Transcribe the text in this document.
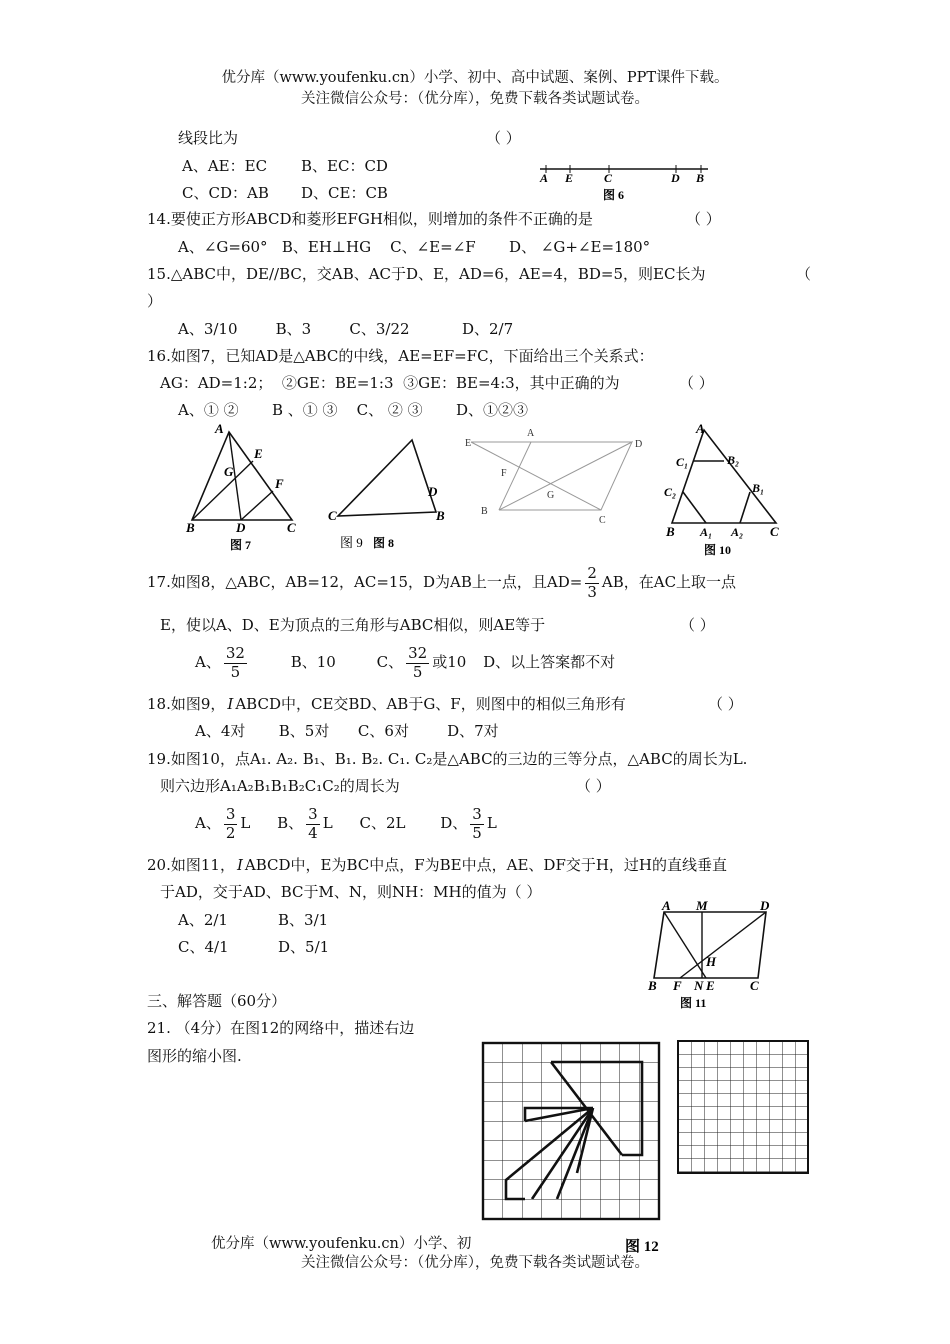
优分库（www.youfenku.cn）小学、初中、高中试题、案例、PPT课件下载。
关注微信公众号：（优分库），免费下载各类试题试卷。
线段比为	（ ）
A、AE：EC B、EC：CD
C、CD：AB D、CE：CB
A E	C	D B
图 6
14.要使正方形ABCD和菱形EFGH相似，则增加的条件不正确的是	（ ）
A、∠G=60°   B、EH⊥HG    C、∠E=∠F       D、 ∠G+∠E=180°
15.△ABC中，DE//BC，交AB、AC于D、E，AD=6，AE=4，BD=5，则EC长为	（
）
A、3/10        B、3        C、3/22           D、2/7
16.如图7，已知AD是△ABC的中线，AE=EF=FC，下面给出三个关系式：
AG：AD=1:2；  ②GE：BE=1:3  ③GE：BE=4:3，其中正确的为	（ ）
A、① ②       B 、① ③    C、 ② ③       D、①②③
A
E
G
F
B	D	C
图 7
C
D
B
图 9 图 8
A
D
E
F
G
B
C
A
C₁	B₂
C₂	B₁
B A₁ A₂ C
图 10
17.如图8，△ABC，AB=12，AC=15，D为AB上一点，且$AD= \frac{2}{3}$ AB，在AC上取一点
E，使以A、D、E为顶点的三角形与ABC相似，则AE等于	（ ）
A、 $\frac{32}{5}$	B、10	C、 $\frac{32}{5}$ 或10 D、以上答案都不对
18.如图9， I ABCD中，CE交BD、AB于G、F，则图中的相似三角形有	（ ）
A、4对       B、5对      C、6对        D、7对
19.如图10，点A₁. A₂. B₁、B₁. B₂. C₁. C₂是△ABC的三边的三等分点，△ABC的周长为L.
则六边形A₁A₂B₁B₁B₂C₁C₂的周长为	（ ）
A、 $\frac{3}{2}$ L B、 $\frac{3}{4}$ L C、2L D、 $\frac{3}{5}$ L
20.如图11， I ABCD中，E为BC中点，F为BE中点，AE、DF交于H，过H的直线垂直
于AD，交于AD、BC于M、N，则NH：MH的值为（ ）
A、2/1	B、3/1
C、4/1	D、5/1
A M	D
H
B F N E	C
图 11
三、解答题（60分）
21. （4分）在图12的网络中，描述右边
图形的缩小图.
图 12
优分库（www.youfenku.cn）小学、初
关注微信公众号：（优分库），免费下载各类试题试卷。
